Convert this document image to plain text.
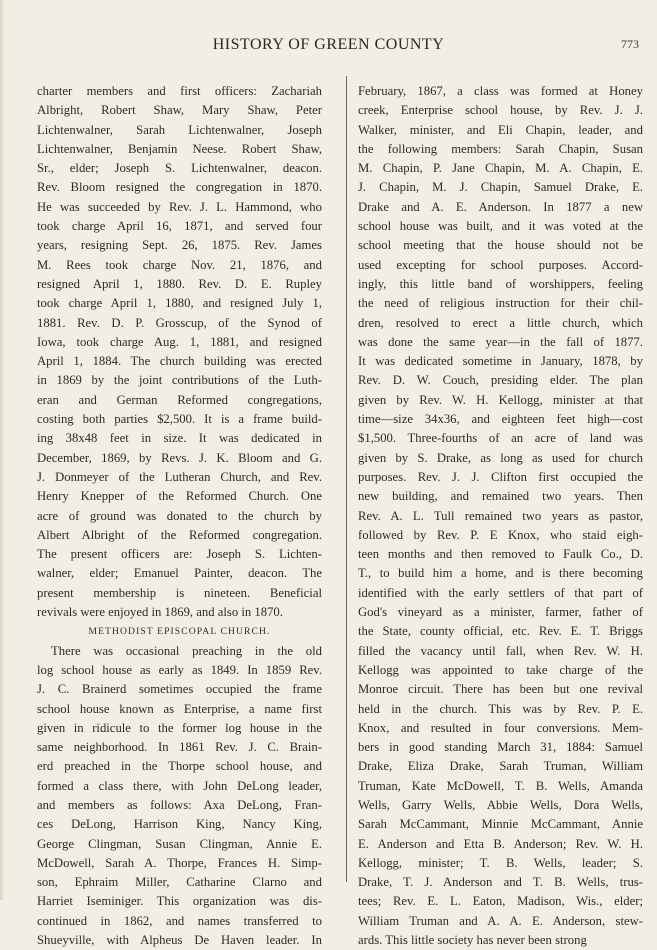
HISTORY OF GREEN COUNTY	773
charter members and first officers: Zachariah
Albright, Robert Shaw, Mary Shaw, Peter
Lichtenwalner, Sarah Lichtenwalner, Joseph
Lichtenwalner, Benjamin Neese. Robert Shaw,
Sr., elder; Joseph S. Lichtenwalner, deacon.
Rev. Bloom resigned the congregation in 1870.
He was succeeded by Rev. J. L. Hammond, who
took charge April 16, 1871, and served four
years, resigning Sept. 26, 1875. Rev. James
M. Rees took charge Nov. 21, 1876, and
resigned April 1, 1880. Rev. D. E. Rupley
took charge April 1, 1880, and resigned July 1,
1881. Rev. D. P. Grosscup, of the Synod of
Iowa, took charge Aug. 1, 1881, and resigned
April 1, 1884. The church building was erected
in 1869 by the joint contributions of the Luth-
eran and German Reformed congregations,
costing both parties $2,500. It is a frame build-
ing 38x48 feet in size. It was dedicated in
December, 1869, by Revs. J. K. Bloom and G.
J. Donmeyer of the Lutheran Church, and Rev.
Henry Knepper of the Reformed Church. One
acre of ground was donated to the church by
Albert Albright of the Reformed congregation.
The present officers are: Joseph S. Lichten-
walner, elder; Emanuel Painter, deacon. The
present membership is nineteen. Beneficial
revivals were enjoyed in 1869, and also in 1870.
METHODIST EPISCOPAL CHURCH.
There was occasional preaching in the old
log school house as early as 1849. In 1859 Rev.
J. C. Brainerd sometimes occupied the frame
school house known as Enterprise, a name first
given in ridicule to the former log house in the
same neighborhood. In 1861 Rev. J. C. Brain-
erd preached in the Thorpe school house, and
formed a class there, with John DeLong leader,
and members as follows: Axa DeLong, Fran-
ces DeLong, Harrison King, Nancy King,
George Clingman, Susan Clingman, Annie E.
McDowell, Sarah A. Thorpe, Frances H. Simp-
son, Ephraim Miller, Catharine Clarno and
Harriet Iseminiger. This organization was dis-
continued in 1862, and names transferred to
Shueyville, with Alpheus De Haven leader. In
February, 1867, a class was formed at Honey
creek, Enterprise school house, by Rev. J. J.
Walker, minister, and Eli Chapin, leader, and
the following members: Sarah Chapin, Susan
M. Chapin, P. Jane Chapin, M. A. Chapin, E.
J. Chapin, M. J. Chapin, Samuel Drake, E.
Drake and A. E. Anderson. In 1877 a new
school house was built, and it was voted at the
school meeting that the house should not be
used excepting for school purposes. Accord-
ingly, this little band of worshippers, feeling
the need of religious instruction for their chil-
dren, resolved to erect a little church, which
was done the same year—in the fall of 1877.
It was dedicated sometime in January, 1878, by
Rev. D. W. Couch, presiding elder. The plan
given by Rev. W. H. Kellogg, minister at that
time—size 34x36, and eighteen feet high—cost
$1,500. Three-fourths of an acre of land was
given by S. Drake, as long as used for church
purposes. Rev. J. J. Clifton first occupied the
new building, and remained two years. Then
Rev. A. L. Tull remained two years as pastor,
followed by Rev. P. E Knox, who staid eigh-
teen months and then removed to Faulk Co., D.
T., to build him a home, and is there becoming
identified with the early settlers of that part of
God's vineyard as a minister, farmer, father of
the State, county official, etc. Rev. E. T. Briggs
filled the vacancy until fall, when Rev. W. H.
Kellogg was appointed to take charge of the
Monroe circuit. There has been but one revival
held in the church. This was by Rev. P. E.
Knox, and resulted in four conversions. Mem-
bers in good standing March 31, 1884: Samuel
Drake, Eliza Drake, Sarah Truman, William
Truman, Kate McDowell, T. B. Wells, Amanda
Wells, Garry Wells, Abbie Wells, Dora Wells,
Sarah McCammant, Minnie McCammant, Annie
E. Anderson and Etta B. Anderson; Rev. W. H.
Kellogg, minister; T. B. Wells, leader; S.
Drake, T. J. Anderson and T. B. Wells, trus-
tees; Rev. E. L. Eaton, Madison, Wis., elder;
William Truman and A. A. E. Anderson, stew-
ards. This little society has never been strong
